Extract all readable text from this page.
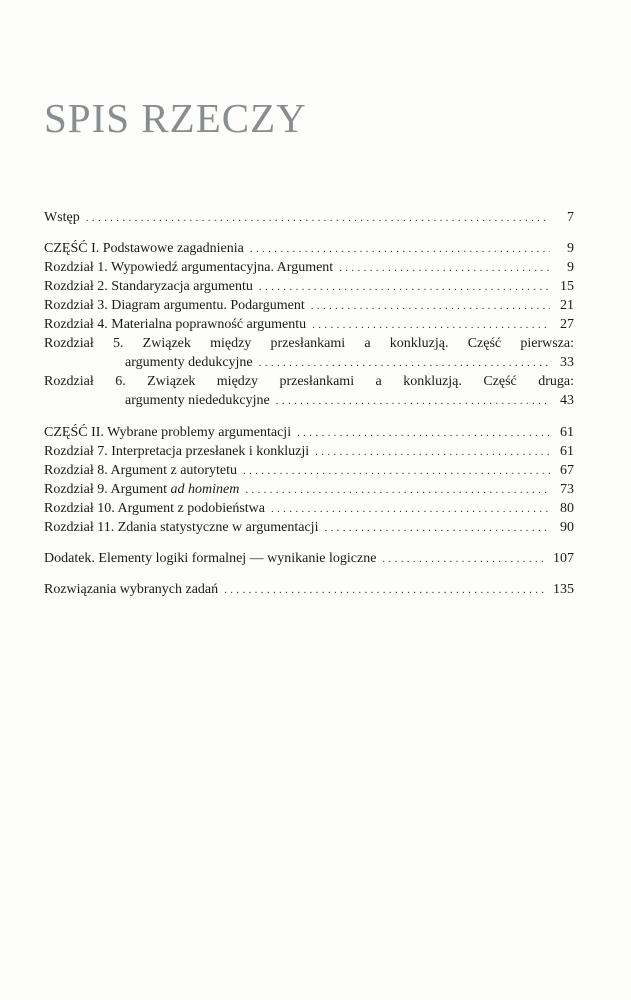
SPIS RZECZY
Wstęp . . .	7
CZĘŚĆ I. Podstawowe zagadnienia . . .	9
Rozdział 1. Wypowiedź argumentacyjna. Argument . . .	9
Rozdział 2. Standaryzacja argumentu . . .	15
Rozdział 3. Diagram argumentu. Podargument . . .	21
Rozdział 4. Materialna poprawność argumentu . . .	27
Rozdział 5. Związek między przesłankami a konkluzją. Część pierwsza:
argumenty dedukcyjne . . .	33
Rozdział 6. Związek między przesłankami a konkluzją. Część druga:
argumenty niededukcyjne . . .	43
CZĘŚĆ II. Wybrane problemy argumentacji . . .	61
Rozdział 7. Interpretacja przesłanek i konkluzji . . .	61
Rozdział 8. Argument z autorytetu . . .	67
Rozdział 9. Argument ad hominem . . .	73
Rozdział 10. Argument z podobieństwa . . .	80
Rozdział 11. Zdania statystyczne w argumentacji . . .	90
Dodatek. Elementy logiki formalnej — wynikanie logiczne . . .	107
Rozwiązania wybranych zadań . . .	135
